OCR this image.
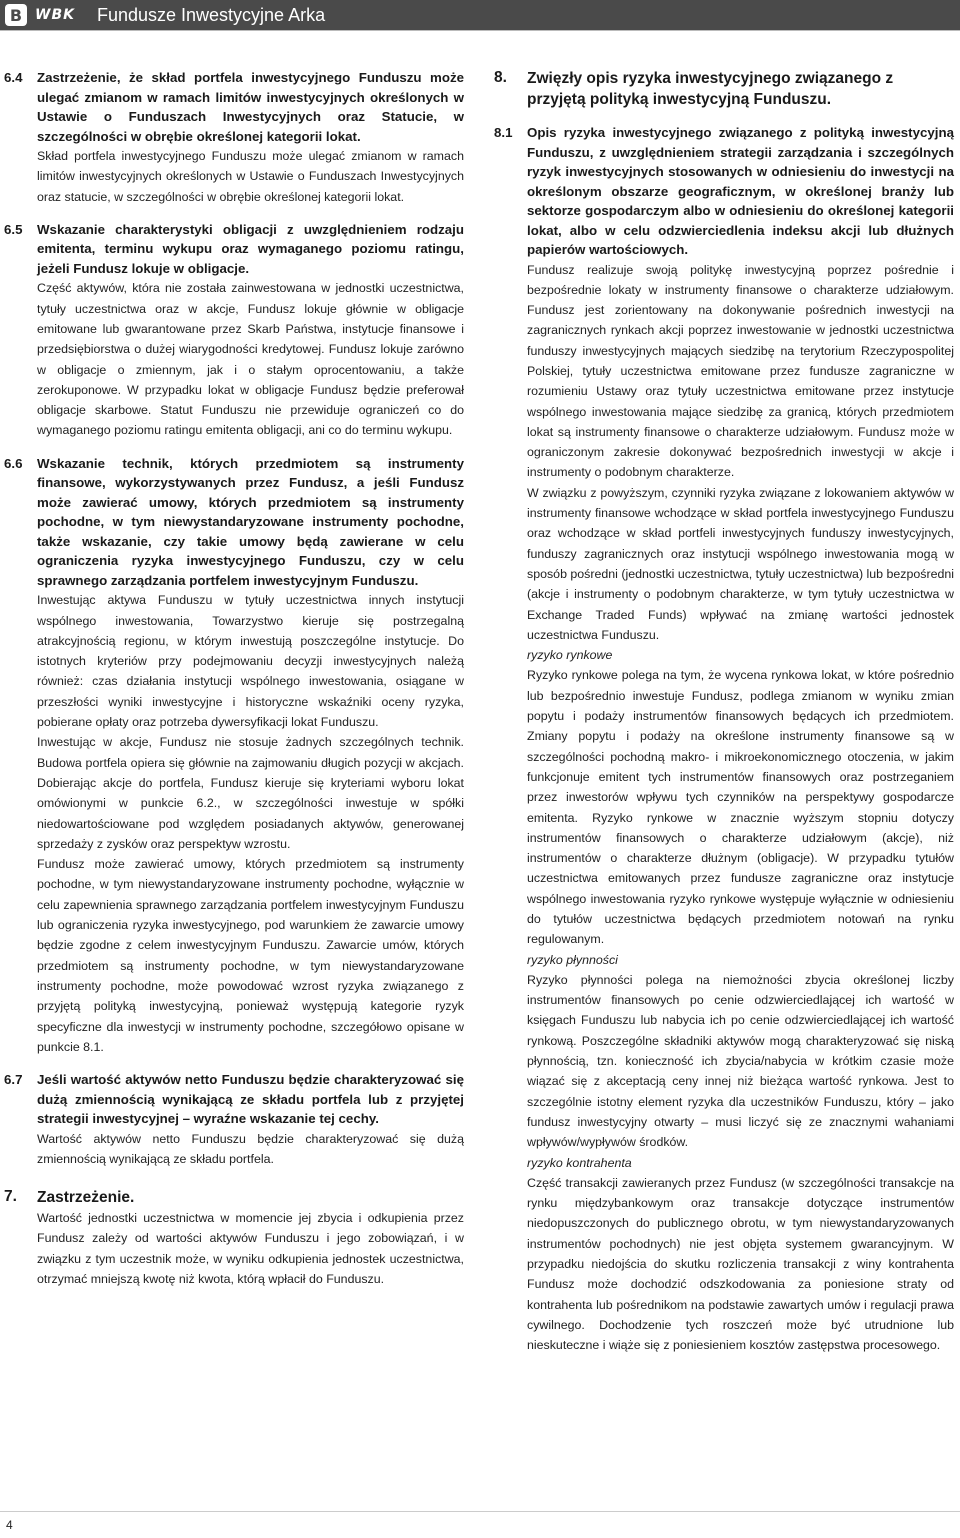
B WBK Fundusze Inwestycyjne Arka
6.4 Zastrzeżenie, że skład portfela inwestycyjnego Funduszu może ulegać zmianom w ramach limitów inwestycyjnych określonych w Ustawie o Funduszach Inwestycyjnych oraz Statucie, w szczególności w obrębie określonej kategorii lokat.
Skład portfela inwestycyjnego Funduszu może ulegać zmianom w ramach limitów inwestycyjnych określonych w Ustawie o Funduszach Inwestycyjnych oraz statucie, w szczególności w obrębie określonej kategorii lokat.
6.5 Wskazanie charakterystyki obligacji z uwzględnieniem rodzaju emitenta, terminu wykupu oraz wymaganego poziomu ratingu, jeżeli Fundusz lokuje w obligacje.
Część aktywów, która nie została zainwestowana w jednostki uczestnictwa, tytuły uczestnictwa oraz w akcje, Fundusz lokuje głównie w obligacje emitowane lub gwarantowane przez Skarb Państwa, instytucje finansowe i przedsiębiorstwa o dużej wiarygodności kredytowej. Fundusz lokuje zarówno w obligacje o zmiennym, jak i o stałym oprocentowaniu, a także zerokuponowe. W przypadku lokat w obligacje Fundusz będzie preferował obligacje skarbowe. Statut Funduszu nie przewiduje ograniczeń co do wymaganego poziomu ratingu emitenta obligacji, ani co do terminu wykupu.
6.6 Wskazanie technik, których przedmiotem są instrumenty finansowe, wykorzystywanych przez Fundusz, a jeśli Fundusz może zawierać umowy, których przedmiotem są instrumenty pochodne, w tym niewystandaryzowane instrumenty pochodne, także wskazanie, czy takie umowy będą zawierane w celu ograniczenia ryzyka inwestycyjnego Funduszu, czy w celu sprawnego zarządzania portfelem inwestycyjnym Funduszu.

Inwestując aktywa Funduszu w tytuły uczestnictwa innych instytucji wspólnego inwestowania, Towarzystwo kieruje się postrzegalną atrakcyjnością regionu, w którym inwestują poszczególne instytucje. Do istotnych kryteriów przy podejmowaniu decyzji inwestycyjnych należą również: czas działania instytucji wspólnego inwestowania, osiągane w przeszłości wyniki inwestycyjne i historyczne wskaźniki oceny ryzyka, pobierane opłaty oraz potrzeba dywersyfikacji lokat Funduszu.

Inwestując w akcje, Fundusz nie stosuje żadnych szczególnych technik. Budowa portfela opiera się głównie na zajmowaniu długich pozycji w akcjach. Dobierając akcje do portfela, Fundusz kieruje się kryteriami wyboru lokat omówionymi w punkcie 6.2., w szczególności inwestuje w spółki niedowartościowane pod względem posiadanych aktywów, generowanej sprzedaży z zysków oraz perspektyw wzrostu.

Fundusz może zawierać umowy, których przedmiotem są instrumenty pochodne, w tym niewystandaryzowane instrumenty pochodne, wyłącznie w celu zapewnienia sprawnego zarządzania portfelem inwestycyjnym Funduszu lub ograniczenia ryzyka inwestycyjnego, pod warunkiem że zawarcie umowy będzie zgodne z celem inwestycyjnym Funduszu. Zawarcie umów, których przedmiotem są instrumenty pochodne, w tym niewystandaryzowane instrumenty pochodne, może powodować wzrost ryzyka związanego z przyjętą polityką inwestycyjną, ponieważ występują kategorie ryzyk specyficzne dla inwestycji w instrumenty pochodne, szczegółowo opisane w punkcie 8.1.

6.7 Jeśli wartość aktywów netto Funduszu będzie charakteryzować się dużą zmiennością wynikającą ze składu portfela lub z przyjętej strategii inwestycyjnej – wyraźne wskazanie tej cechy.
Wartość aktywów netto Funduszu będzie charakteryzować się dużą zmiennością wynikającą ze składu portfela.
7. Zastrzeżenie.
Wartość jednostki uczestnictwa w momencie jej zbycia i odkupienia przez Fundusz zależy od wartości aktywów Funduszu i jego zobowiązań, i w związku z tym uczestnik może, w wyniku odkupienia jednostek uczestnictwa, otrzymać mniejszą kwotę niż kwota, którą wpłacił do Funduszu.
8. Zwięzły opis ryzyka inwestycyjnego związanego z przyjętą polityką inwestycyjną Funduszu.
8.1 Opis ryzyka inwestycyjnego związanego z polityką inwestycyjną Funduszu, z uwzględnieniem strategii zarządzania i szczególnych ryzyk inwestycyjnych stosowanych w odniesieniu do inwestycji na określonym obszarze geograficznym, w określonej branży lub sektorze gospodarczym albo w odniesieniu do określonej kategorii lokat, albo w celu odzwierciedlenia indeksu akcji lub dłużnych papierów wartościowych.

Fundusz realizuje swoją politykę inwestycyjną poprzez pośrednie i bezpośrednie lokaty w instrumenty finansowe o charakterze udziałowym. Fundusz jest zorientowany na dokonywanie pośrednich inwestycji na zagranicznych rynkach akcji poprzez inwestowanie w jednostki uczestnictwa funduszy inwestycyjnych mających siedzibę na terytorium Rzeczypospolitej Polskiej, tytuły uczestnictwa emitowane przez fundusze zagraniczne w rozumieniu Ustawy oraz tytuły uczestnictwa emitowane przez instytucje wspólnego inwestowania mające siedzibę za granicą, których przedmiotem lokat są instrumenty finansowe o charakterze udziałowym. Fundusz może w ograniczonym zakresie dokonywać bezpośrednich inwestycji w akcje i instrumenty o podobnym charakterze.

W związku z powyższym, czynniki ryzyka związane z lokowaniem aktywów w instrumenty finansowe wchodzące w skład portfela inwestycyjnego Funduszu oraz wchodzące w skład portfeli inwestycyjnych funduszy inwestycyjnych, funduszy zagranicznych oraz instytucji wspólnego inwestowania mogą w sposób pośredni (jednostki uczestnictwa, tytuły uczestnictwa) lub bezpośredni (akcje i instrumenty o podobnym charakterze, w tym tytuły uczestnictwa w Exchange Traded Funds) wpływać na zmianę wartości jednostek uczestnictwa Funduszu.

ryzyko rynkowe

Ryzyko rynkowe polega na tym, że wycena rynkowa lokat, w które pośrednio lub bezpośrednio inwestuje Fundusz, podlega zmianom w wyniku zmian popytu i podaży instrumentów finansowych będących ich przedmiotem. Zmiany popytu i podaży na określone instrumenty finansowe są w szczególności pochodną makro- i mikroekonomicznego otoczenia, w jakim funkcjonuje emitent tych instrumentów finansowych oraz postrzeganiem przez inwestorów wpływu tych czynników na perspektywy gospodarcze emitenta. Ryzyko rynkowe w znacznie wyższym stopniu dotyczy instrumentów finansowych o charakterze udziałowym (akcje), niż instrumentów o charakterze dłużnym (obligacje). W przypadku tytułów uczestnictwa emitowanych przez fundusze zagraniczne oraz instytucje wspólnego inwestowania ryzyko rynkowe występuje wyłącznie w odniesieniu do tytułów uczestnictwa będących przedmiotem notowań na rynku regulowanym.

ryzyko płynności

Ryzyko płynności polega na niemożności zbycia określonej liczby instrumentów finansowych po cenie odzwierciedlającej ich wartość w księgach Funduszu lub nabycia ich po cenie odzwierciedlającej ich wartość rynkową. Poszczególne składniki aktywów mogą charakteryzować się niską płynnością, tzn. konieczność ich zbycia/nabycia w krótkim czasie może wiązać się z akceptacją ceny innej niż bieżąca wartość rynkowa. Jest to szczególnie istotny element ryzyka dla uczestników Funduszu, który – jako fundusz inwestycyjny otwarty – musi liczyć się ze znacznymi wahaniami wpływów/wypływów środków.

ryzyko kontrahenta

Część transakcji zawieranych przez Fundusz (w szczególności transakcje na rynku międzybankowym oraz transakcje dotyczące instrumentów niedopuszczonych do publicznego obrotu, w tym niewystandaryzowanych instrumentów pochodnych) nie jest objęta systemem gwarancyjnym. W przypadku niedojścia do skutku rozliczenia transakcji z winy kontrahenta Fundusz może dochodzić odszkodowania za poniesione straty od kontrahenta lub pośrednikom na podstawie zawartych umów i regulacji prawa cywilnego. Dochodzenie tych roszczeń może być utrudnione lub nieskuteczne i wiąże się z poniesieniem kosztów zastępstwa procesowego.

4
